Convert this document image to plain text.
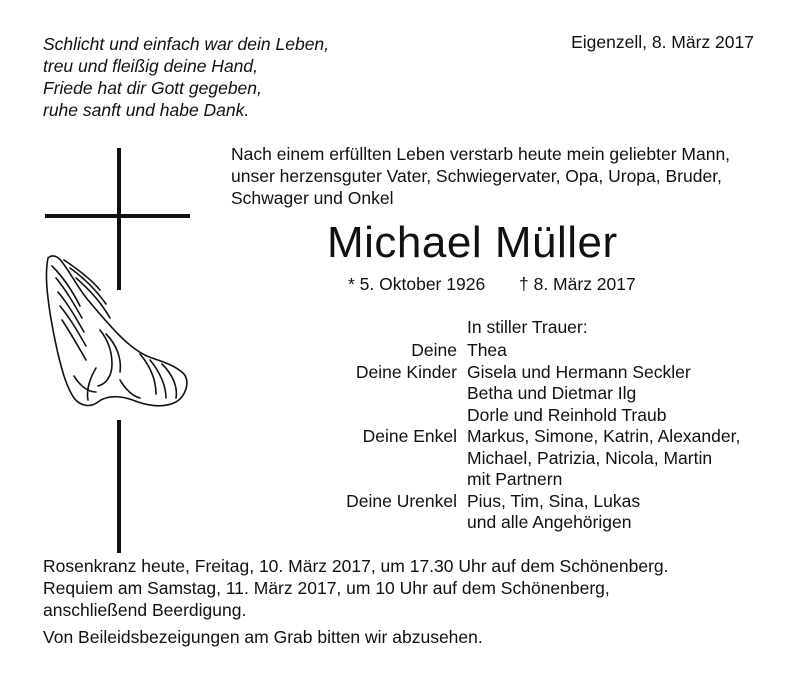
Schlicht und einfach war dein Leben,
treu und fleißig deine Hand,
Friede hat dir Gott gegeben,
ruhe sanft und habe Dank.
Eigenzell, 8. März 2017
Nach einem erfüllten Leben verstarb heute mein geliebter Mann,
unser herzensguter Vater, Schwiegervater, Opa, Uropa, Bruder,
Schwager und Onkel
Michael Müller
* 5. Oktober 1926 † 8. März 2017
In stiller Trauer:
Deine Thea
Deine Kinder Gisela und Hermann Seckler
Betha und Dietmar Ilg
Dorle und Reinhold Traub
Deine Enkel Markus, Simone, Katrin, Alexander,
Michael, Patrizia, Nicola, Martin
mit Partnern
Deine Urenkel Pius, Tim, Sina, Lukas
und alle Angehörigen
Rosenkranz heute, Freitag, 10. März 2017, um 17.30 Uhr auf dem Schönenberg.
Requiem am Samstag, 11. März 2017, um 10 Uhr auf dem Schönenberg,
anschließend Beerdigung.
Von Beileidsbezeigungen am Grab bitten wir abzusehen.
